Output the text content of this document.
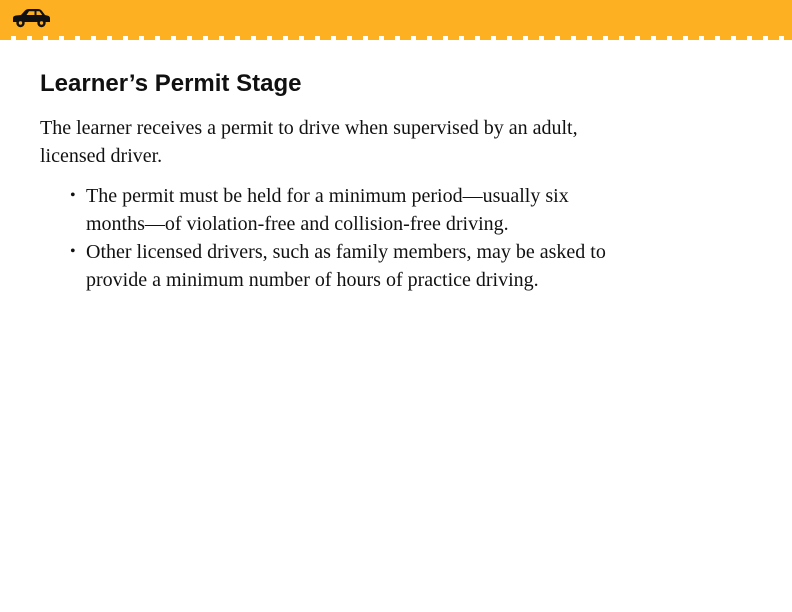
Learner’s Permit Stage

The learner receives a permit to drive when supervised by an adult, licensed driver.

• The permit must be held for a minimum period—usually six months—of violation-free and collision-free driving.
• Other licensed drivers, such as family members, may be asked to provide a minimum number of hours of practice driving.
